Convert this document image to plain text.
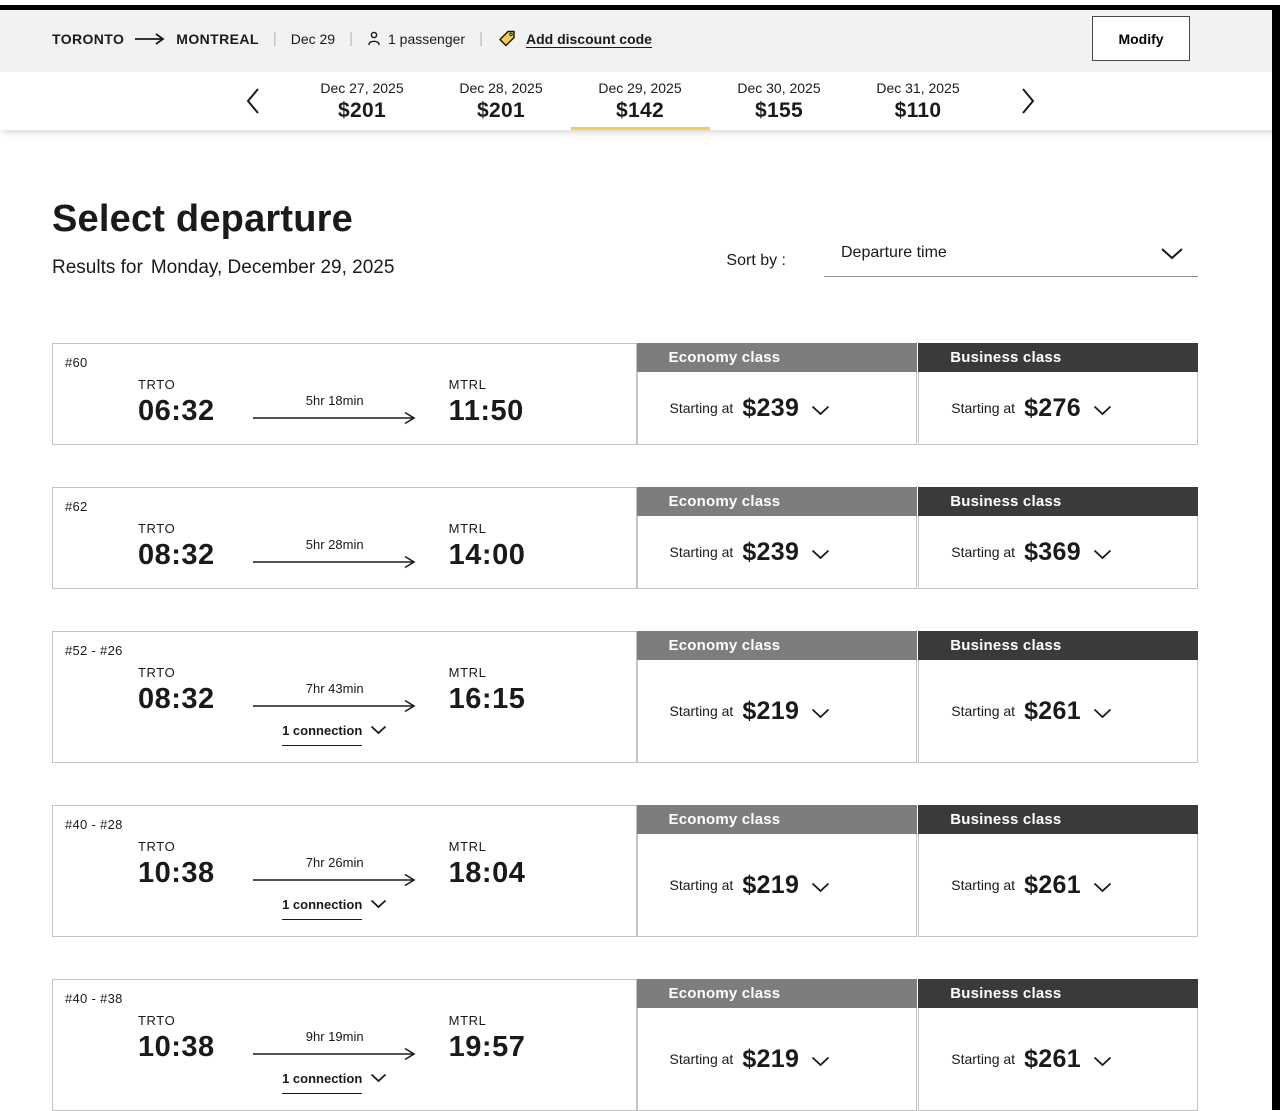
TORONTO	MONTREAL | Dec 29 |	1 passenger |	Add discount code	Modify
Dec 27, 2025
$201
Dec 28, 2025
$201
Dec 29, 2025
$142
Dec 30, 2025
$155
Dec 31, 2025
$110
Select departure
Results for Monday, December 29, 2025	Sort by :	Departure time
#60
TRTO
06:32	5hr 18min
MTRL
11:50
Economy class
Starting at $239
Business class
Starting at $276
#62
TRTO
08:32	5hr 28min
MTRL
14:00
Economy class
Starting at $239
Business class
Starting at $369
#52 - #26
TRTO
08:32	7hr 43min
1 connection
MTRL
16:15
Economy class
Starting at $219
Business class
Starting at $261
#40 - #28
TRTO
10:38	7hr 26min
1 connection
MTRL
18:04
Economy class
Starting at $219
Business class
Starting at $261
#40 - #38
TRTO
10:38	9hr 19min
1 connection
MTRL
19:57
Economy class
Starting at $219
Business class
Starting at $261
